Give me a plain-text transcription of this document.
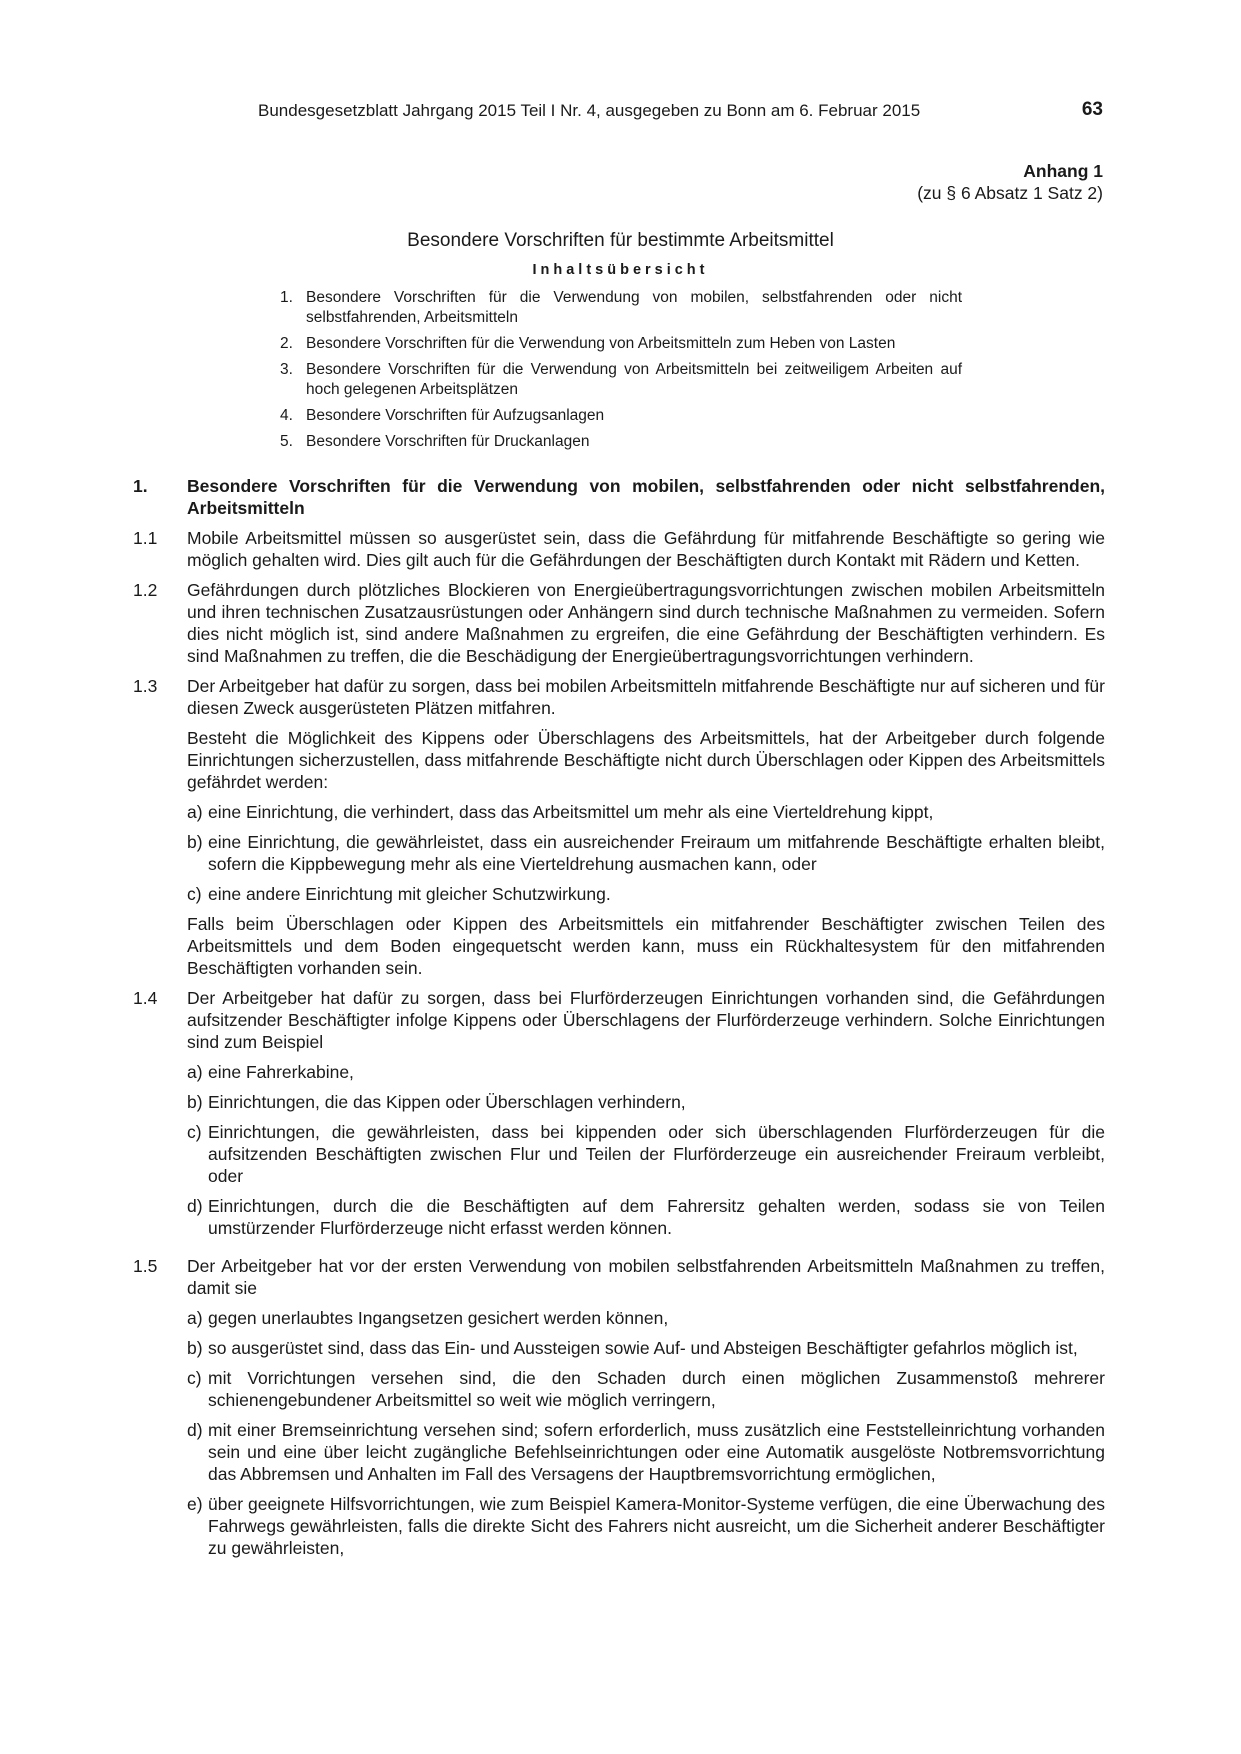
Bundesgesetzblatt Jahrgang 2015 Teil I Nr. 4, ausgegeben zu Bonn am 6. Februar 2015	63
Anhang 1
(zu § 6 Absatz 1 Satz 2)
Besondere Vorschriften für bestimmte Arbeitsmittel
Inhaltsübersicht
1. Besondere Vorschriften für die Verwendung von mobilen, selbstfahrenden oder nicht selbstfahrenden, Arbeitsmitteln
2. Besondere Vorschriften für die Verwendung von Arbeitsmitteln zum Heben von Lasten
3. Besondere Vorschriften für die Verwendung von Arbeitsmitteln bei zeitweiligem Arbeiten auf hoch gelegenen Arbeitsplätzen
4. Besondere Vorschriften für Aufzugsanlagen
5. Besondere Vorschriften für Druckanlagen
1.	Besondere Vorschriften für die Verwendung von mobilen, selbstfahrenden oder nicht selbstfahrenden, Arbeitsmitteln
1.1	Mobile Arbeitsmittel müssen so ausgerüstet sein, dass die Gefährdung für mitfahrende Beschäftigte so gering wie möglich gehalten wird. Dies gilt auch für die Gefährdungen der Beschäftigten durch Kontakt mit Rädern und Ketten.

1.2	Gefährdungen durch plötzliches Blockieren von Energieübertragungsvorrichtungen zwischen mobilen Arbeitsmitteln und ihren technischen Zusatzausrüstungen oder Anhängern sind durch technische Maßnahmen zu vermeiden. Sofern dies nicht möglich ist, sind andere Maßnahmen zu ergreifen, die eine Gefährdung der Beschäftigten verhindern. Es sind Maßnahmen zu treffen, die die Beschädigung der Energieübertragungsvorrichtungen verhindern.

1.3	Der Arbeitgeber hat dafür zu sorgen, dass bei mobilen Arbeitsmitteln mitfahrende Beschäftigte nur auf sicheren und für diesen Zweck ausgerüsteten Plätzen mitfahren.

Besteht die Möglichkeit des Kippens oder Überschlagens des Arbeitsmittels, hat der Arbeitgeber durch folgende Einrichtungen sicherzustellen, dass mitfahrende Beschäftigte nicht durch Überschlagen oder Kippen des Arbeitsmittels gefährdet werden:

a) eine Einrichtung, die verhindert, dass das Arbeitsmittel um mehr als eine Vierteldrehung kippt,
b) eine Einrichtung, die gewährleistet, dass ein ausreichender Freiraum um mitfahrende Beschäftigte erhalten bleibt, sofern die Kippbewegung mehr als eine Vierteldrehung ausmachen kann, oder
c) eine andere Einrichtung mit gleicher Schutzwirkung.

Falls beim Überschlagen oder Kippen des Arbeitsmittels ein mitfahrender Beschäftigter zwischen Teilen des Arbeitsmittels und dem Boden eingequetscht werden kann, muss ein Rückhaltesystem für den mitfahrenden Beschäftigten vorhanden sein.

1.4	Der Arbeitgeber hat dafür zu sorgen, dass bei Flurförderzeugen Einrichtungen vorhanden sind, die Gefährdungen aufsitzender Beschäftigter infolge Kippens oder Überschlagens der Flurförderzeuge verhindern. Solche Einrichtungen sind zum Beispiel

a) eine Fahrerkabine,
b) Einrichtungen, die das Kippen oder Überschlagen verhindern,
c) Einrichtungen, die gewährleisten, dass bei kippenden oder sich überschlagenden Flurförderzeugen für die aufsitzenden Beschäftigten zwischen Flur und Teilen der Flurförderzeuge ein ausreichender Freiraum verbleibt, oder
d) Einrichtungen, durch die die Beschäftigten auf dem Fahrersitz gehalten werden, sodass sie von Teilen umstürzender Flurförderzeuge nicht erfasst werden können.
1.5	Der Arbeitgeber hat vor der ersten Verwendung von mobilen selbstfahrenden Arbeitsmitteln Maßnahmen zu treffen, damit sie

a) gegen unerlaubtes Ingangsetzen gesichert werden können,
b) so ausgerüstet sind, dass das Ein- und Aussteigen sowie Auf- und Absteigen Beschäftigter gefahrlos möglich ist,
c) mit Vorrichtungen versehen sind, die den Schaden durch einen möglichen Zusammenstoß mehrerer schienengebundener Arbeitsmittel so weit wie möglich verringern,
d) mit einer Bremseinrichtung versehen sind; sofern erforderlich, muss zusätzlich eine Feststelleinrichtung vorhanden sein und eine über leicht zugängliche Befehlseinrichtungen oder eine Automatik ausgelöste Notbremsvorrichtung das Abbremsen und Anhalten im Fall des Versagens der Hauptbremsvorrichtung ermöglichen,
e) über geeignete Hilfsvorrichtungen, wie zum Beispiel Kamera-Monitor-Systeme verfügen, die eine Überwachung des Fahrwegs gewährleisten, falls die direkte Sicht des Fahrers nicht ausreicht, um die Sicherheit anderer Beschäftigter zu gewährleisten,
